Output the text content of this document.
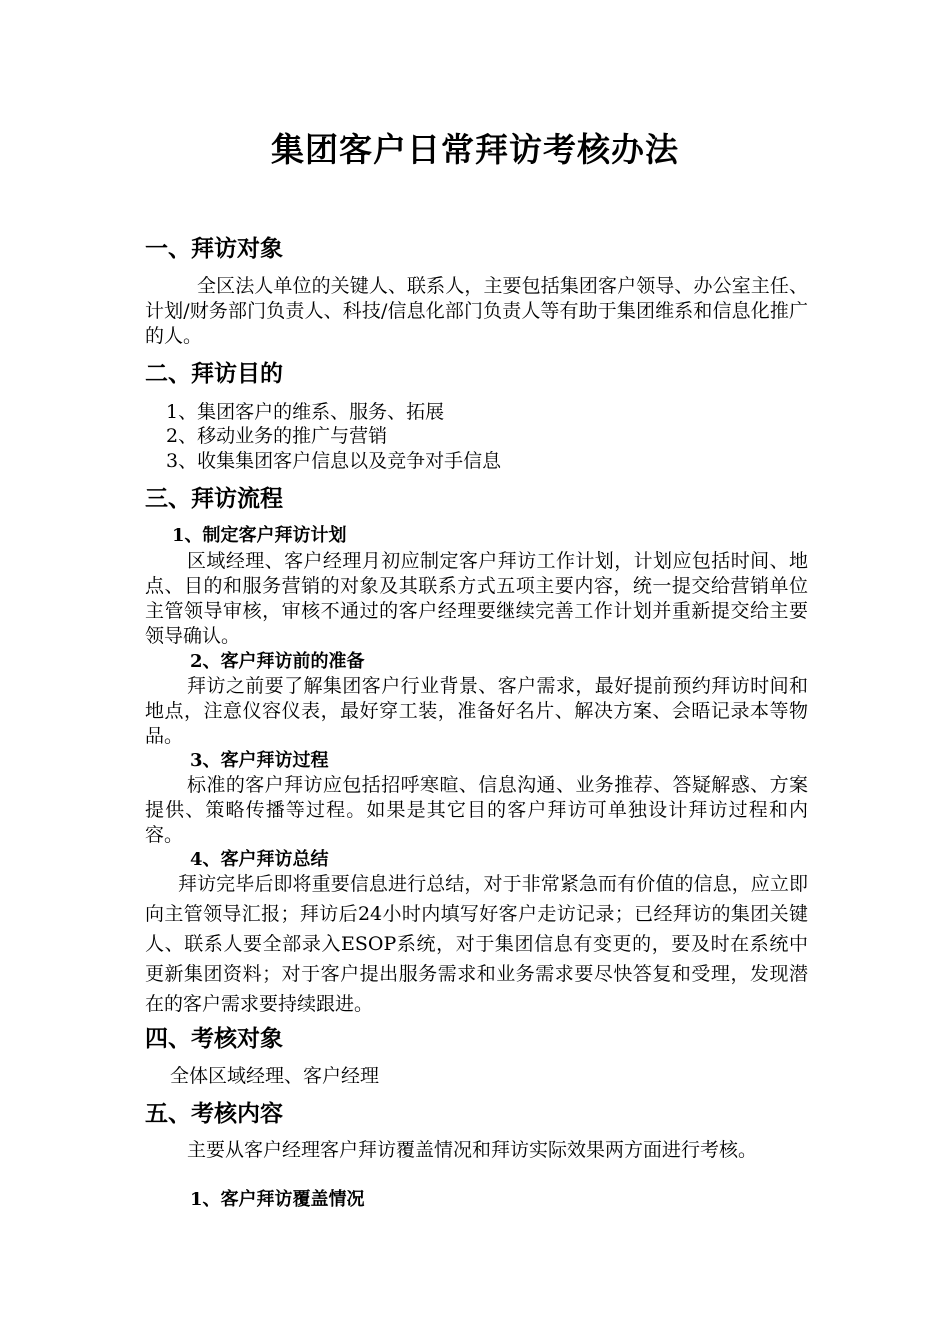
集团客户日常拜访考核办法
一、拜访对象

全区法人单位的关键人、联系人，主要包括集团客户领导、办公室主任、计划/财务部门负责人、科技/信息化部门负责人等有助于集团维系和信息化推广的人。

二、拜访目的

1、集团客户的维系、服务、拓展

2、移动业务的推广与营销

3、收集集团客户信息以及竞争对手信息

三、拜访流程
1、制定客户拜访计划

区域经理、客户经理月初应制定客户拜访工作计划，计划应包括时间、地点、目的和服务营销的对象及其联系方式五项主要内容，统一提交给营销单位主管领导审核，审核不通过的客户经理要继续完善工作计划并重新提交给主要领导确认。

2、客户拜访前的准备

拜访之前要了解集团客户行业背景、客户需求，最好提前预约拜访时间和地点，注意仪容仪表，最好穿工装，准备好名片、解决方案、会晤记录本等物品。

3、客户拜访过程

标准的客户拜访应包括招呼寒暄、信息沟通、业务推荐、答疑解惑、方案提供、策略传播等过程。如果是其它目的客户拜访可单独设计拜访过程和内容。

4、客户拜访总结

拜访完毕后即将重要信息进行总结，对于非常紧急而有价值的信息，应立即向主管领导汇报；拜访后24小时内填写好客户走访记录；已经拜访的集团关键人、联系人要全部录入ESOP系统，对于集团信息有变更的，要及时在系统中更新集团资料；对于客户提出服务需求和业务需求要尽快答复和受理，发现潜在的客户需求要持续跟进。

四、考核对象

全体区域经理、客户经理

五、考核内容

主要从客户经理客户拜访覆盖情况和拜访实际效果两方面进行考核。

1、客户拜访覆盖情况
